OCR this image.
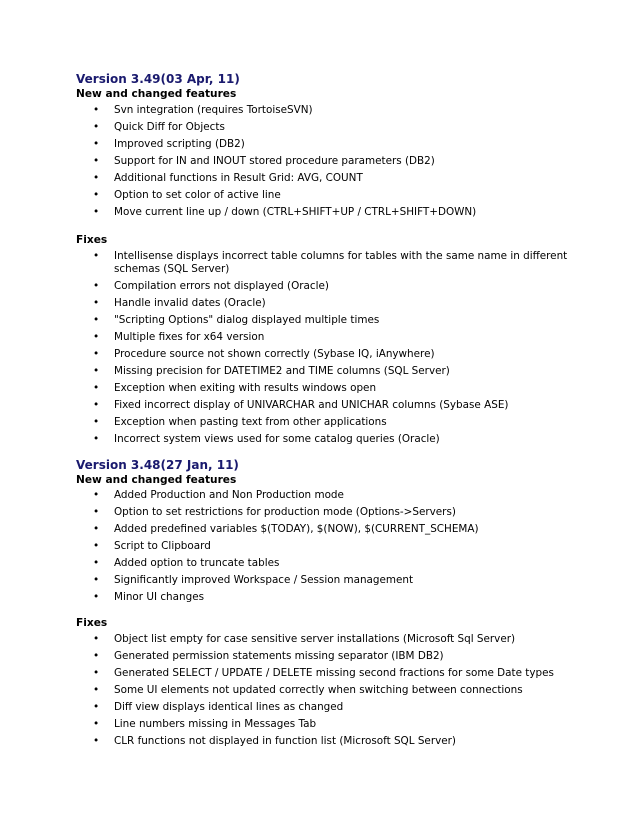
Version 3.49(03 Apr, 11)

New and changed features

• Svn integration (requires TortoiseSVN)
• Quick Diff for Objects
• Improved scripting (DB2)
• Support for IN and INOUT stored procedure parameters (DB2)
• Additional functions in Result Grid: AVG, COUNT
• Option to set color of active line
• Move current line up / down (CTRL+SHIFT+UP / CTRL+SHIFT+DOWN)

Fixes

• Intellisense displays incorrect table columns for tables with the same name in different schemas (SQL Server)
• Compilation errors not displayed (Oracle)
• Handle invalid dates (Oracle)
• "Scripting Options" dialog displayed multiple times
• Multiple fixes for x64 version
• Procedure source not shown correctly (Sybase IQ, iAnywhere)
• Missing precision for DATETIME2 and TIME columns (SQL Server)
• Exception when exiting with results windows open
• Fixed incorrect display of UNIVARCHAR and UNICHAR columns (Sybase ASE)
• Exception when pasting text from other applications
• Incorrect system views used for some catalog queries (Oracle)

Version 3.48(27 Jan, 11)

New and changed features

• Added Production and Non Production mode
• Option to set restrictions for production mode (Options->Servers)
• Added predefined variables $(TODAY), $(NOW), $(CURRENT_SCHEMA)
• Script to Clipboard
• Added option to truncate tables
• Significantly improved Workspace / Session management
• Minor UI changes

Fixes

• Object list empty for case sensitive server installations (Microsoft Sql Server)
• Generated permission statements missing separator (IBM DB2)
• Generated SELECT / UPDATE / DELETE missing second fractions for some Date types
• Some UI elements not updated correctly when switching between connections
• Diff view displays identical lines as changed
• Line numbers missing in Messages Tab
• CLR functions not displayed in function list (Microsoft SQL Server)
